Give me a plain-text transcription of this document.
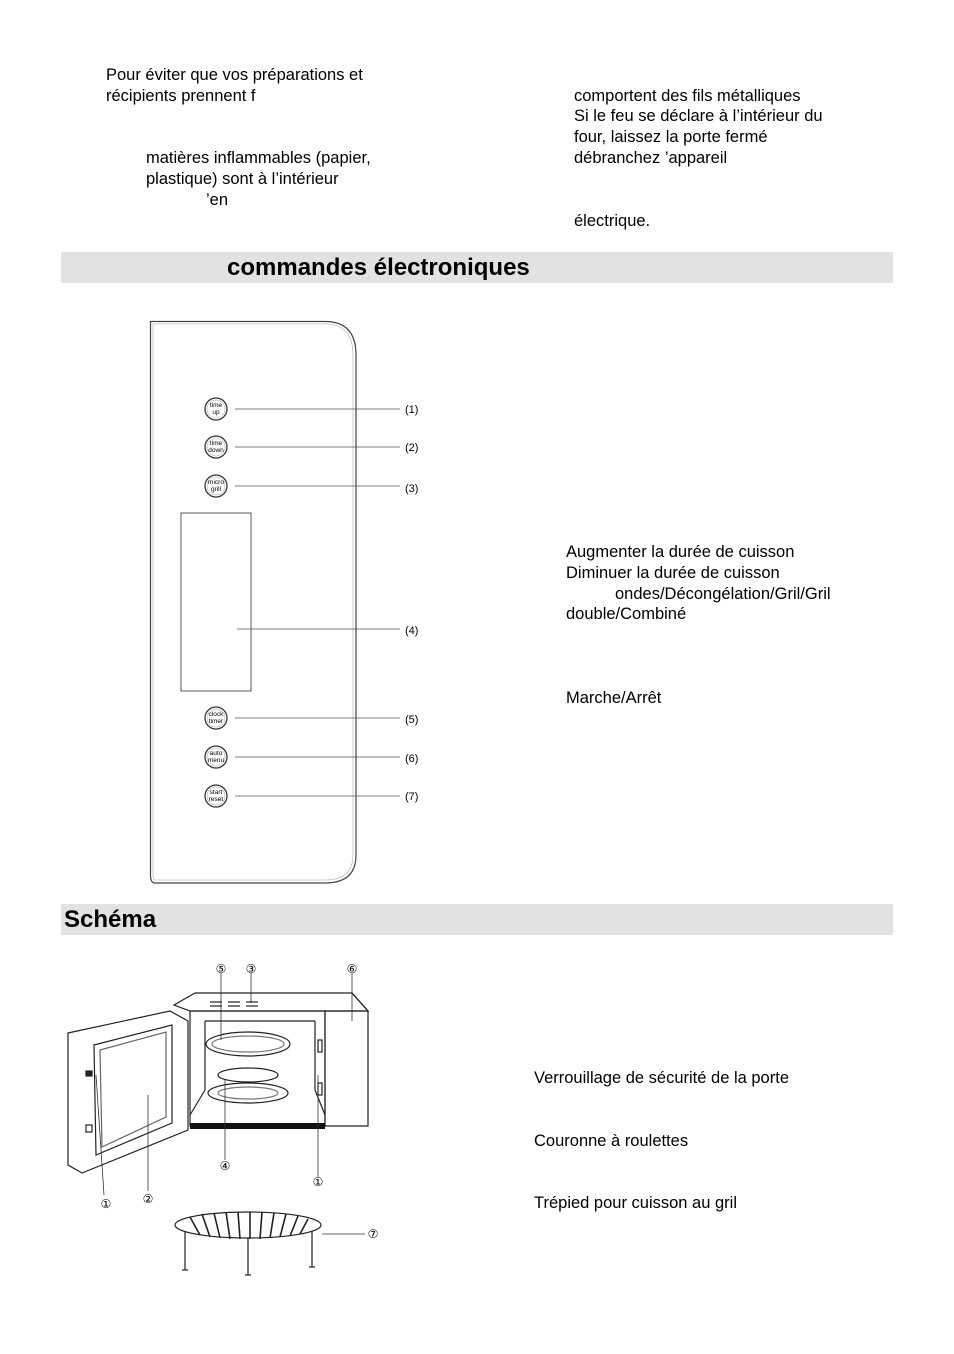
Pour éviter que vos préparations et
récipients prennent f
matières inflammables (papier,
plastique) sont à l’intérieur
’en
comportent des fils métalliques
Si le feu se déclare à l’intérieur du
four, laissez la porte fermé
débranchez ’appareil
électrique.
commandes électroniques
time
up
time
down
micro
grill
clock
timer
auto
menu
start
reset
(1)
(2)
(3)
(4)
(5)
(6)
(7)
Augmenter la durée de cuisson
Diminuer la durée de cuisson
ondes/Décongélation/Gril/Gril
double/Combiné
Marche/Arrêt
Schéma
⑤ ③	⑥
④
①
①	②
⑦
Verrouillage de sécurité de la porte
Couronne à roulettes
Trépied pour cuisson au gril
